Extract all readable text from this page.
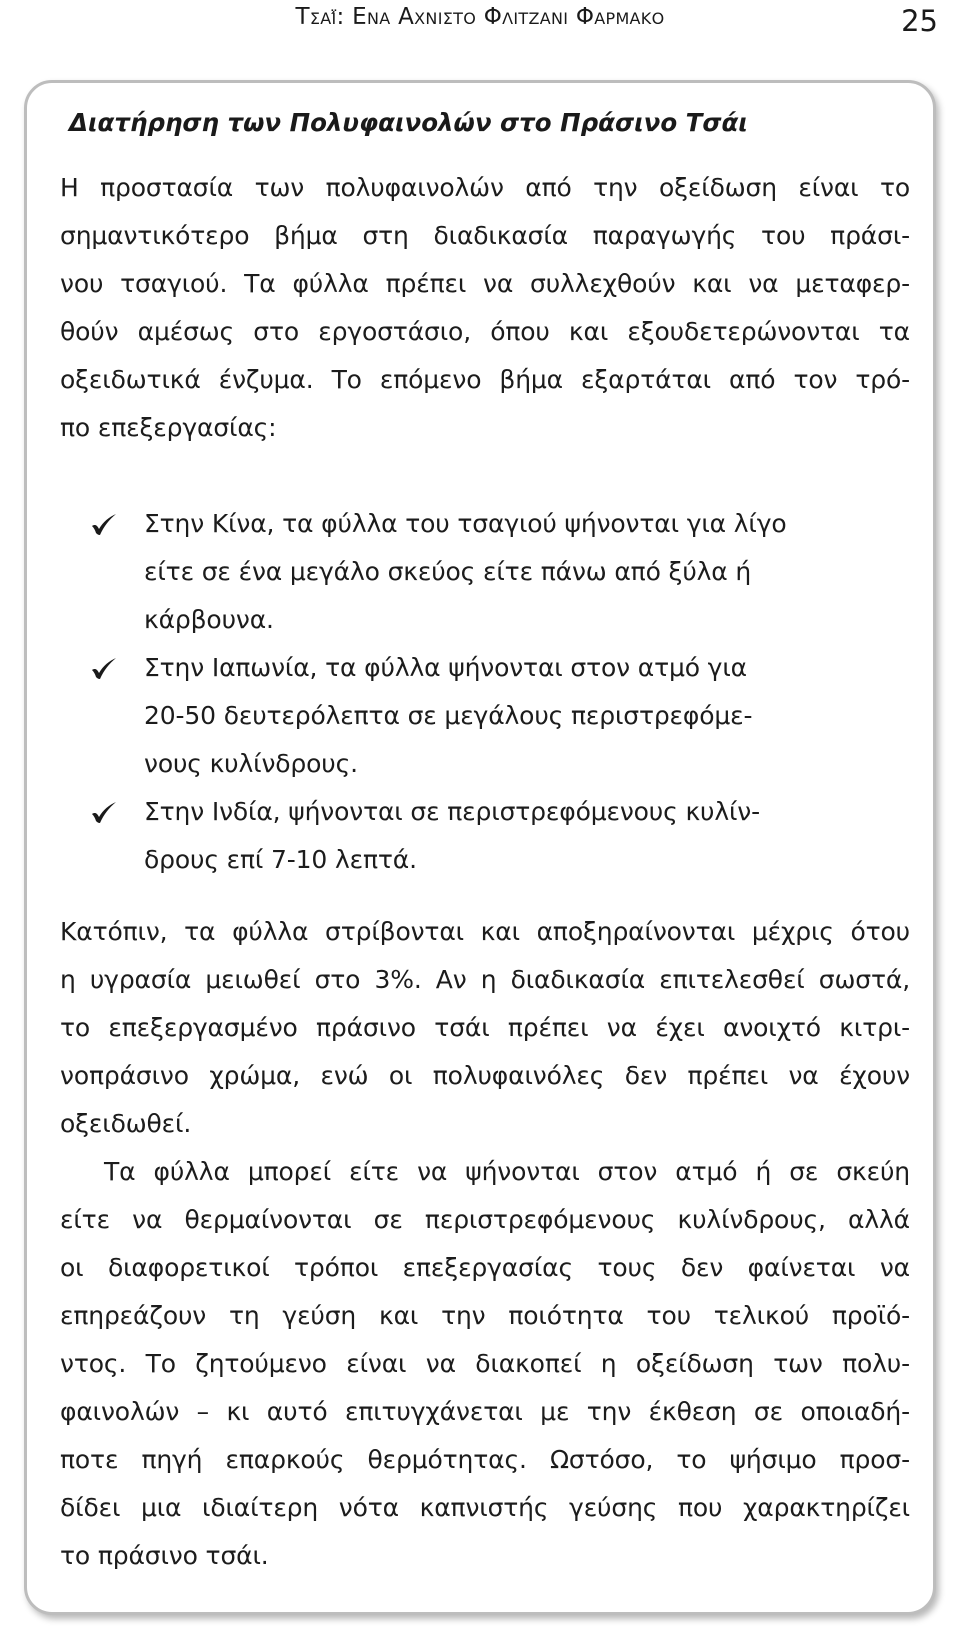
Τσαΐ: Ενα Αχνιστο Φλιτζανι Φαρμακο	25
Διατήρηση των Πολυφαινολών στο Πράσινο Τσάι
Η προστασία των πολυφαινολών από την οξείδωση είναι το
σημαντικότερο βήμα στη διαδικασία παραγωγής του πράσι-
νου τσαγιού. Τα φύλλα πρέπει να συλλεχθούν και να μεταφερ-
θούν αμέσως στο εργοστάσιο, όπου και εξουδετερώνονται τα
οξειδωτικά ένζυμα. Το επόμενο βήμα εξαρτάται από τον τρό-
πο επεξεργασίας:
Στην Κίνα, τα φύλλα του τσαγιού ψήνονται για λίγο
είτε σε ένα μεγάλο σκεύος είτε πάνω από ξύλα ή
κάρβουνα.
Στην Ιαπωνία, τα φύλλα ψήνονται στον ατμό για
20-50 δευτερόλεπτα σε μεγάλους περιστρεφόμε-
νους κυλίνδρους.
Στην Ινδία, ψήνονται σε περιστρεφόμενους κυλίν-
δρους επί 7-10 λεπτά.
Κατόπιν, τα φύλλα στρίβονται και αποξηραίνονται μέχρις ότου
η υγρασία μειωθεί στο 3%. Αν η διαδικασία επιτελεσθεί σωστά,
το επεξεργασμένο πράσινο τσάι πρέπει να έχει ανοιχτό κιτρι-
νοπράσινο χρώμα, ενώ οι πολυφαινόλες δεν πρέπει να έχουν
οξειδωθεί.
Τα φύλλα μπορεί είτε να ψήνονται στον ατμό ή σε σκεύη
είτε να θερμαίνονται σε περιστρεφόμενους κυλίνδρους, αλλά
οι διαφορετικοί τρόποι επεξεργασίας τους δεν φαίνεται να
επηρεάζουν τη γεύση και την ποιότητα του τελικού προϊό-
ντος. Το ζητούμενο είναι να διακοπεί η οξείδωση των πολυ-
φαινολών – κι αυτό επιτυγχάνεται με την έκθεση σε οποιαδή-
ποτε πηγή επαρκούς θερμότητας. Ωστόσο, το ψήσιμο προσ-
δίδει μια ιδιαίτερη νότα καπνιστής γεύσης που χαρακτηρίζει
το πράσινο τσάι.
